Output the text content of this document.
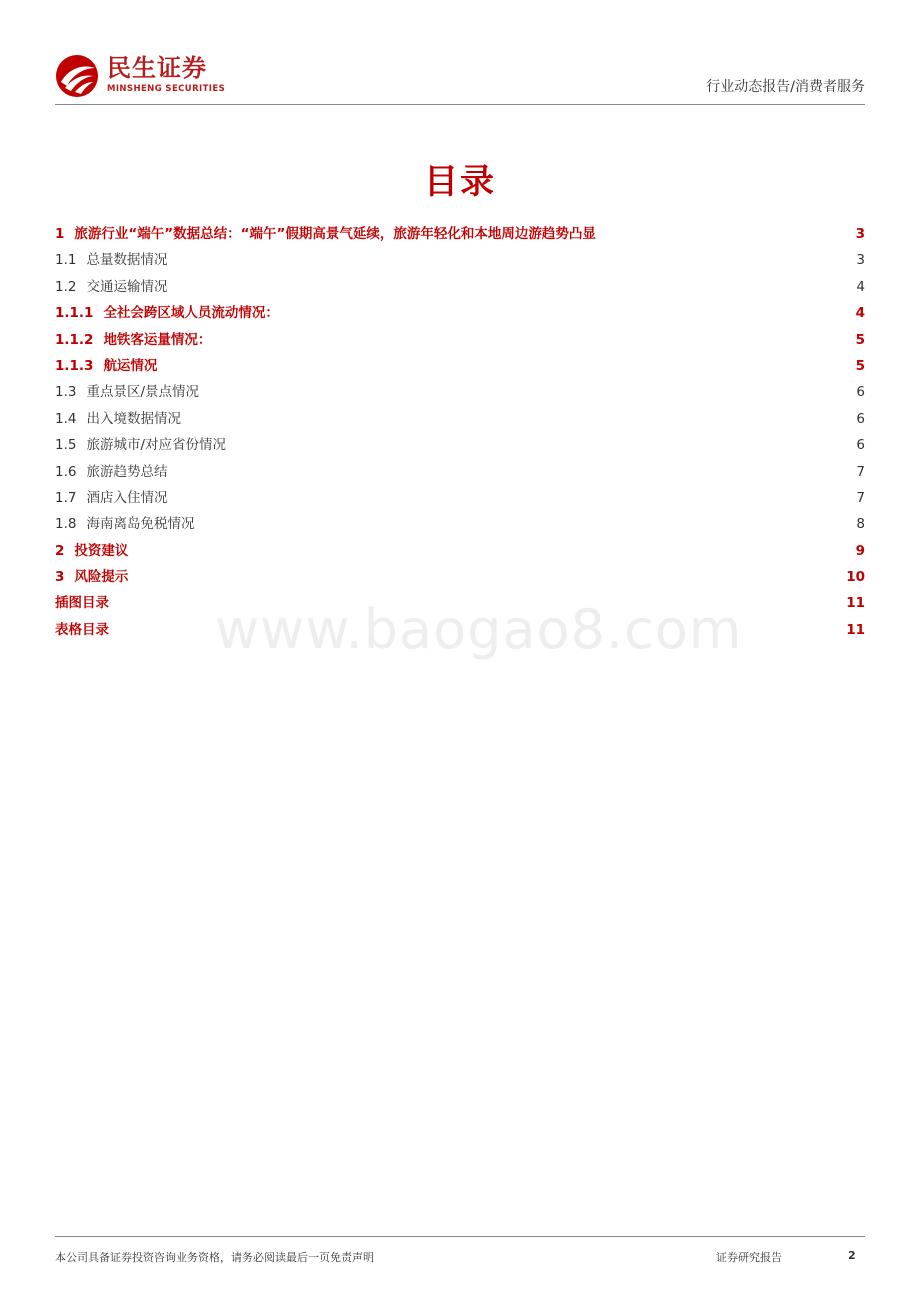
民生证券
MINSHENG SECURITIES	行业动态报告/消费者服务
www.baogao8.com
目录
1 旅游行业“端午”数据总结：“端午”假期高景气延续，旅游年轻化和本地周边游趋势凸显 .....	3
1.1 总量数据情况 .....	3
1.2 交通运输情况 .....	4
1.1.1 全社会跨区域人员流动情况： .....	4
1.1.2 地铁客运量情况： .....	5
1.1.3 航运情况 .....	5
1.3 重点景区/景点情况 .....	6
1.4 出入境数据情况 .....	6
1.5 旅游城市/对应省份情况 .....	6
1.6 旅游趋势总结 .....	7
1.7 酒店入住情况 .....	7
1.8 海南离岛免税情况 .....	8
2 投资建议 .....	9
3 风险提示 .....	10
插图目录 .....	11
表格目录 .....	11
本公司具备证券投资咨询业务资格，请务必阅读最后一页免责声明	证券研究报告	2
